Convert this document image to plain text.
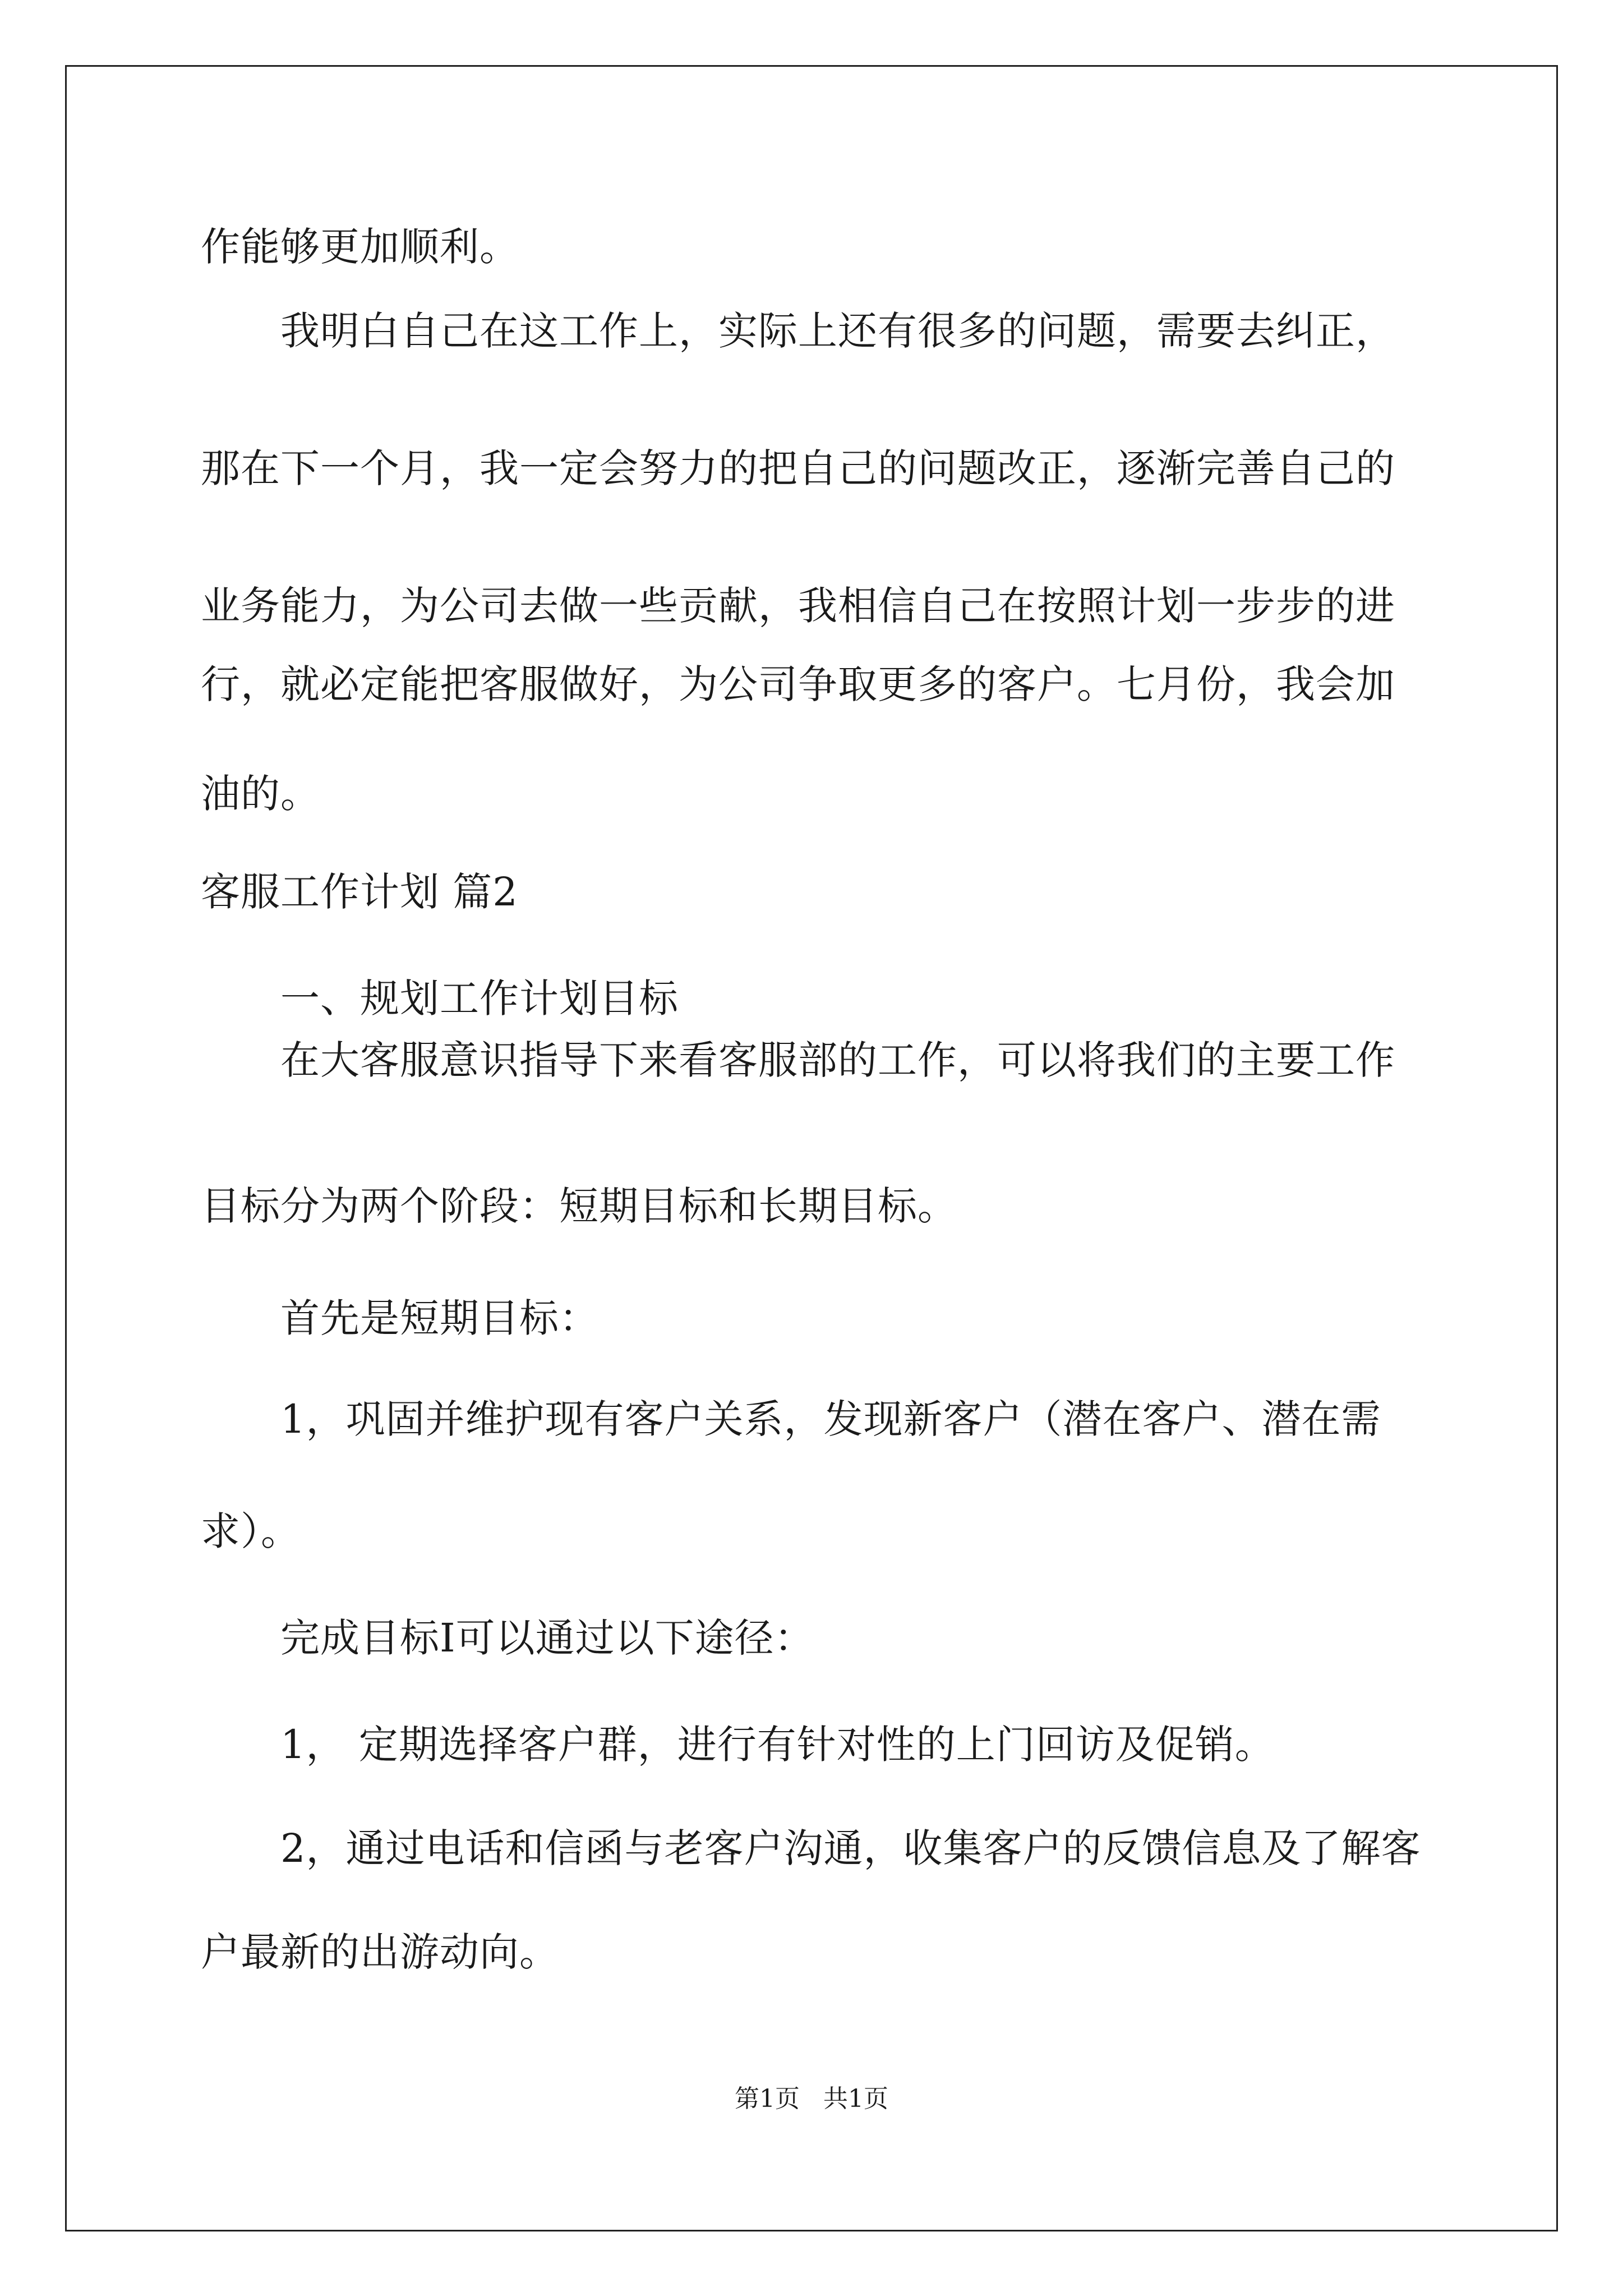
作能够更加顺利。
我明白自己在这工作上，实际上还有很多的问题，需要去纠正，
那在下一个月，我一定会努力的把自己的问题改正，逐渐完善自己的
业务能力，为公司去做一些贡献，我相信自己在按照计划一步步的进
行，就必定能把客服做好，为公司争取更多的客户。七月份，我会加
油的。
客服工作计划 篇2
一、规划工作计划目标
在大客服意识指导下来看客服部的工作，可以将我们的主要工作
目标分为两个阶段：短期目标和长期目标。
首先是短期目标：
1，巩固并维护现有客户关系，发现新客户（潜在客户、潜在需
求）。
完成目标I可以通过以下途径：
1， 定期选择客户群，进行有针对性的上门回访及促销。
2，通过电话和信函与老客户沟通，收集客户的反馈信息及了解客
户最新的出游动向。
第1页   共1页
